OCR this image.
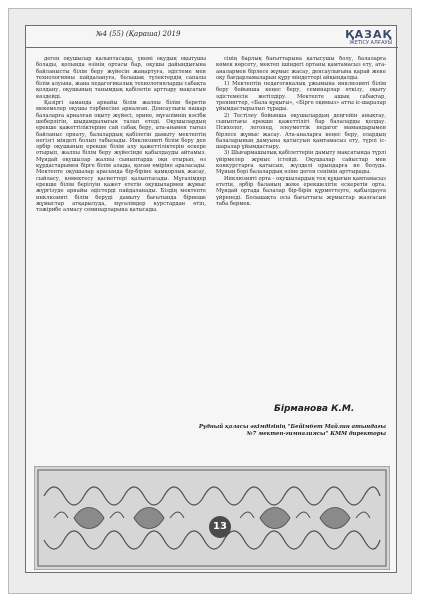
№4 (55) (Қараша) 2019	ҚАЗАҚ
ЖЕТІСУ АЛҒАУЫ

деген оқушылар қалыптасады, үнемі оқудың оқытушы болады, қолында өзінің ортасы бар, оқушы дайындығына байланысты білім беру жүйесін жаңартуға, әдістеме мен технологияны пайдалануға, болашақ түлектердің сапалы білім алуына, жаңа педагогикалық технологияларды сабақта қолдану, оқушының танымдық қабілетін арттыру мақсатын көздейді.

Қазіргі заманда арнайы білім жалпы білім беретін мекемелер оқушы тәрбиесіне арналған. Денсаулығы нашар балаларға арналған оқыту жүйесі, әрине, мұғалімнің кәсіби шеберлігін, шыдамдылығын талап етеді. Оқушылардың ерекше қажеттіліктеріне сай сабақ беру, ата-анамен тығыз байланыс орнату, балалардың қабілетін дамыту мектептің негізгі міндеті болып табылады. Инклюзивті білім беру деп әрбір оқушының ерекше білім алу қажеттіліктерін ескере отырып, жалпы білім беру жүйесінде қабылдауды айтамыз. Мұндай оқушылар жалпы сыныптарда оқи отырып, өз құрдастарымен бірге білім алады, қоғам өміріне араласады. Мектепте оқушылар арасында бір-біріне қамқорлық жасау, сыйласу, көмектесу қасиеттері қалыптасады. Мұғалімдер ерекше білім берілуін қажет ететін оқушылармен жұмыс жүргізуде арнайы әдістерді пайдаланады. Біздің мектепте инклюзивті білім беруді дамыту бағытында бірнеше жұмыстар атқарылуда, мұғалімдер курстардан өтіп, тәжірибе алмасу семинарларына қатысады.

сінің барлық бағыттарына қатысушы болу, балаларға көмек көрсету, мектеп ішіндегі ортаны қамтамасыз ету, ата-аналармен бірлесе жұмыс жасау, денсаулығына қарай жеке оқу бағдарламаларын құру міндеттері айқындалды.

1) Мектептің педагогикалық ұжымына инклюзивті білім беру бойынша кеңес беру, семинарлар өткізу, оқыту әдістемесін жетілдіру. Мектепте ашық сабақтар, тренингтер, «Бала құқығы», «Бірге оқимыз» атты іс-шаралар ұйымдастырылып тұрады.

2) Тестілеу бойынша оқушылардың деңгейін анықтау, сыныптағы ерекше қажеттілігі бар балаларды қолдау. Психолог, логопед, әлеуметтік педагог мамандарымен бірлесе жұмыс жасау. Ата-аналарға кеңес беру, олардың балаларының дамуына қатысуын қамтамасыз ету, түрлі іс-шаралар ұйымдастыру.

3) Шығармашылық қабілеттерін дамыту мақсатында түрлі үйірмелер жұмыс істейді. Оқушылар сайыстар мен конкурстарға қатысып, жүлделі орындарға ие болуда. Мұның бәрі балалардың өзіне деген сенімін арттырады.

Инклюзивті орта - оқушылардың тең құқығын қамтамасыз ететін, әрбір баланың жеке ерекшелігін ескеретін орта. Мұндай ортада балалар бір-бірін құрметтеуге, қабылдауға үйренеді. Болашақта осы бағыттағы жұмыстар жалғасын таба бермек.

Бірманова К.М.
Рудный қаласы әкімдігінің "Бейімбет Майлин атындағы
№7 мектеп-гимназиясы" КММ директоры
13
